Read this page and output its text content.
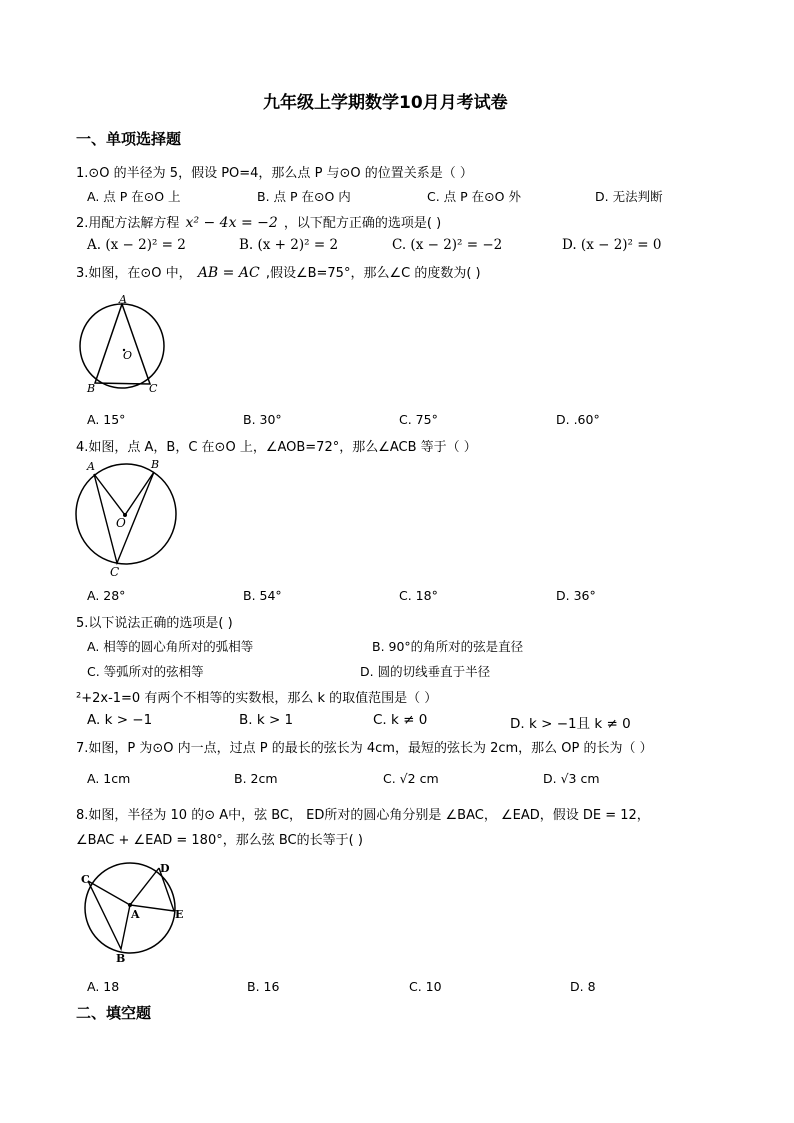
九年级上学期数学10月月考试卷
一、单项选择题
1.⊙O 的半径为 5，假设 PO=4，那么点 P 与⊙O 的位置关系是（ ）
A. 点 P 在⊙O 上	B. 点 P 在⊙O 内	C. 点 P 在⊙O 外	D. 无法判断
2.用配方法解方程 x² − 4x = −2 ，以下配方正确的选项是( )
A. (x − 2)² = 2	B. (x + 2)² = 2	C. (x − 2)² = −2	D. (x − 2)² = 0
3.如图，在⊙O 中， AB = AC ,假设∠B=75°，那么∠C 的度数为( )
A
O
B	C
A. 15°	B. 30°	C. 75°	D. .60°
4.如图，点 A，B，C 在⊙O 上，∠AOB=72°，那么∠ACB 等于（ ）
A	B
O
C
A. 28°	B. 54°	C. 18°	D. 36°
5.以下说法正确的选项是( )
A. 相等的圆心角所对的弧相等	B. 90°的角所对的弦是直径
C. 等弧所对的弦相等	D. 圆的切线垂直于半径
²+2x-1=0 有两个不相等的实数根，那么 k 的取值范围是（ ）
A. k > −1	B. k > 1	C. k ≠ 0	D. k > −1且 k ≠ 0
7.如图，P 为⊙O 内一点，过点 P 的最长的弦长为 4cm，最短的弦长为 2cm，那么 OP 的长为（ ）
A. 1cm	B. 2cm	C. √2 cm	D. √3 cm
8.如图，半径为 10 的⊙ A中，弦 BC， ED所对的圆心角分别是 ∠BAC， ∠EAD，假设 DE = 12，
∠BAC + ∠EAD = 180°，那么弦 BC的长等于( )
C
D
A	E
B
A. 18	B. 16	C. 10	D. 8
二、填空题
